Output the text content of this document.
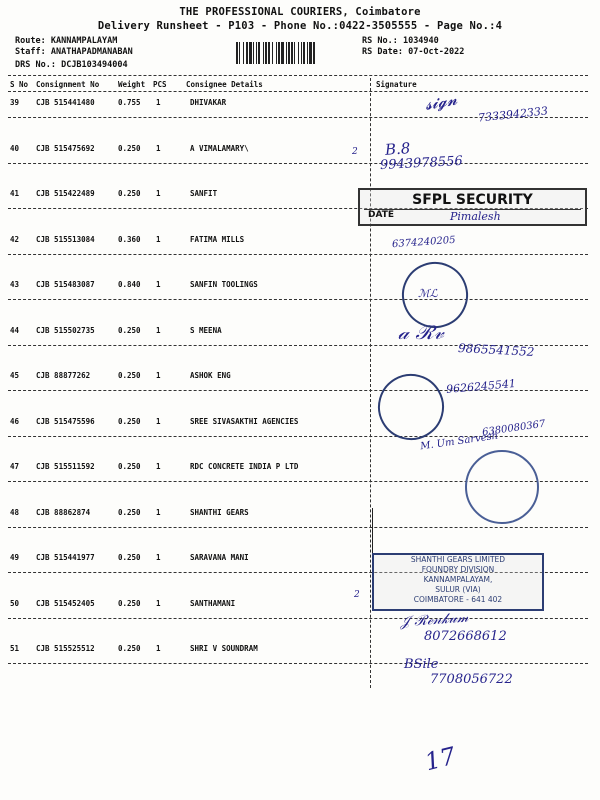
THE PROFESSIONAL COURIERS, Coimbatore
Delivery Runsheet - P103 - Phone No.:0422-3505555 - Page No.:4
Route: KANNAMPALAYAM
Staff: ANATHAPADMANABAN
DRS No.: DCJB103494004
RS No.: 1034940
RS Date: 07-Oct-2022
S No Consignment No	Weight PCS	Consignee Details	Signature
39 CJB 515441480	0.755 1	DHIVAKAR
40 CJB 515475692	0.250 1	A VIMALAMARY\
41 CJB 515422489	0.250 1	SANFIT
42 CJB 515513084	0.360 1	FATIMA MILLS
43 CJB 515483087	0.840 1	SANFIN TOOLINGS
44 CJB 515502735	0.250 1	S MEENA
45 CJB 88877262	0.250 1	ASHOK ENG
46 CJB 515475596	0.250 1	SREE SIVASAKTHI AGENCIES
47 CJB 515511592	0.250 1	RDC CONCRETE INDIA P LTD
48 CJB 88862874	0.250 1	SHANTHI GEARS
49 CJB 515441977	0.250 1	SARAVANA MANI
50 CJB 515452405	0.250 1	SANTHAMANI
51 CJB 515525512	0.250 1	SHRI V SOUNDRAM
𝓼𝓲𝓰𝓷
7333942333
2 B.8
9943978556
SFPL SECURITY
DATE	Pimalesh
6374240205
ℳℒ
𝒶 ℛ𝓋
9865541552
9626245541
M. Um Sarvesh
6380080367
SHANTHI GEARS LIMITED
FOUNDRY DIVISION
KANNAMPALAYAM,
SULUR (VIA)
COIMBATORE - 641 402
2
𝒥 ℛℯ𝓃𝓀𝓊𝓂
8072668612
BSile
7708056722
17
